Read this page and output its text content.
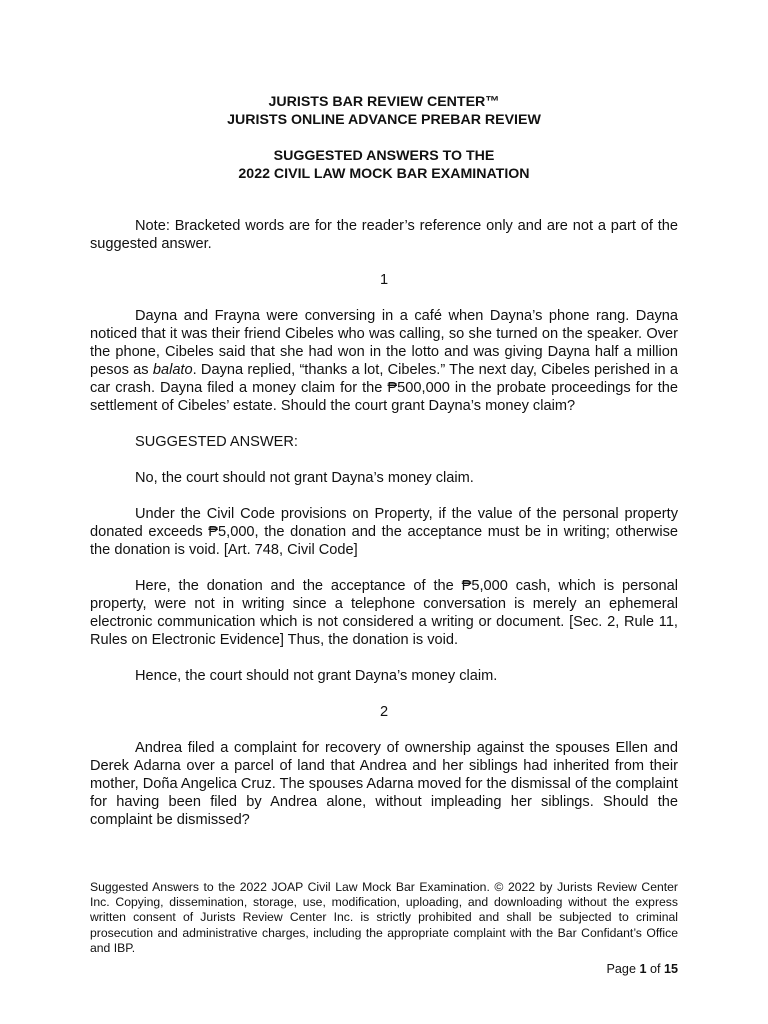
JURISTS BAR REVIEW CENTER™

JURISTS ONLINE ADVANCE PREBAR REVIEW

SUGGESTED ANSWERS TO THE

2022 CIVIL LAW MOCK BAR EXAMINATION

Note: Bracketed words are for the reader’s reference only and are not a part of the suggested answer.

1

Dayna and Frayna were conversing in a café when Dayna’s phone rang. Dayna noticed that it was their friend Cibeles who was calling, so she turned on the speaker. Over the phone, Cibeles said that she had won in the lotto and was giving Dayna half a million pesos as balato. Dayna replied, “thanks a lot, Cibeles.” The next day, Cibeles perished in a car crash. Dayna filed a money claim for the ₱500,000 in the probate proceedings for the settlement of Cibeles’ estate. Should the court grant Dayna’s money claim?

SUGGESTED ANSWER:

No, the court should not grant Dayna’s money claim.

Under the Civil Code provisions on Property, if the value of the personal property donated exceeds ₱5,000, the donation and the acceptance must be in writing; otherwise the donation is void. [Art. 748, Civil Code]

Here, the donation and the acceptance of the ₱5,000 cash, which is personal property, were not in writing since a telephone conversation is merely an ephemeral electronic communication which is not considered a writing or document. [Sec. 2, Rule 11, Rules on Electronic Evidence] Thus, the donation is void.

Hence, the court should not grant Dayna’s money claim.

2

Andrea filed a complaint for recovery of ownership against the spouses Ellen and Derek Adarna over a parcel of land that Andrea and her siblings had inherited from their mother, Doña Angelica Cruz. The spouses Adarna moved for the dismissal of the complaint for having been filed by Andrea alone, without impleading her siblings. Should the complaint be dismissed?

Suggested Answers to the 2022 JOAP Civil Law Mock Bar Examination. © 2022 by Jurists Review Center Inc. Copying, dissemination, storage, use, modification, uploading, and downloading without the express written consent of Jurists Review Center Inc. is strictly prohibited and shall be subjected to criminal prosecution and administrative charges, including the appropriate complaint with the Bar Confidant’s Office and IBP.
Page 1 of 15
